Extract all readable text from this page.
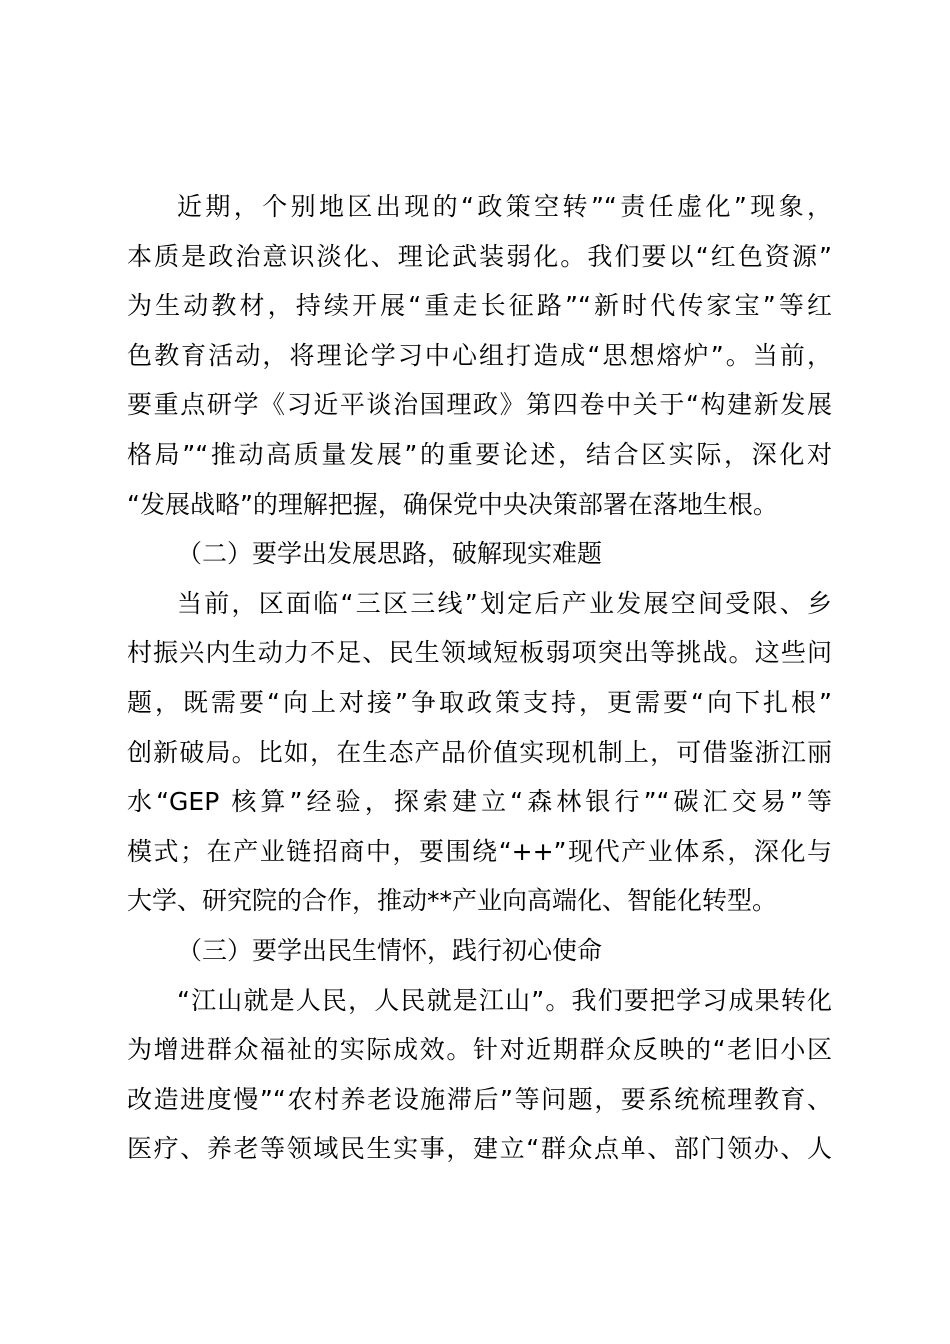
近期，个别地区出现的“政策空转”“责任虚化”现象，
本质是政治意识淡化、理论武装弱化。我们要以“红色资源”
为生动教材，持续开展“重走长征路”“新时代传家宝”等红
色教育活动，将理论学习中心组打造成“思想熔炉”。当前，
要重点研学《习近平谈治国理政》第四卷中关于“构建新发展
格局”“推动高质量发展”的重要论述，结合区实际，深化对
“发展战略”的理解把握，确保党中央决策部署在落地生根。
（二）要学出发展思路，破解现实难题
当前，区面临“三区三线”划定后产业发展空间受限、乡
村振兴内生动力不足、民生领域短板弱项突出等挑战。这些问
题，既需要“向上对接”争取政策支持，更需要“向下扎根”
创新破局。比如，在生态产品价值实现机制上，可借鉴浙江丽
水“GEP 核算”经验，探索建立“森林银行”“碳汇交易”等
模式；在产业链招商中，要围绕“++”现代产业体系，深化与
大学、研究院的合作，推动**产业向高端化、智能化转型。
（三）要学出民生情怀，践行初心使命
“江山就是人民，人民就是江山”。我们要把学习成果转化
为增进群众福祉的实际成效。针对近期群众反映的“老旧小区
改造进度慢”“农村养老设施滞后”等问题，要系统梳理教育、
医疗、养老等领域民生实事，建立“群众点单、部门领办、人
